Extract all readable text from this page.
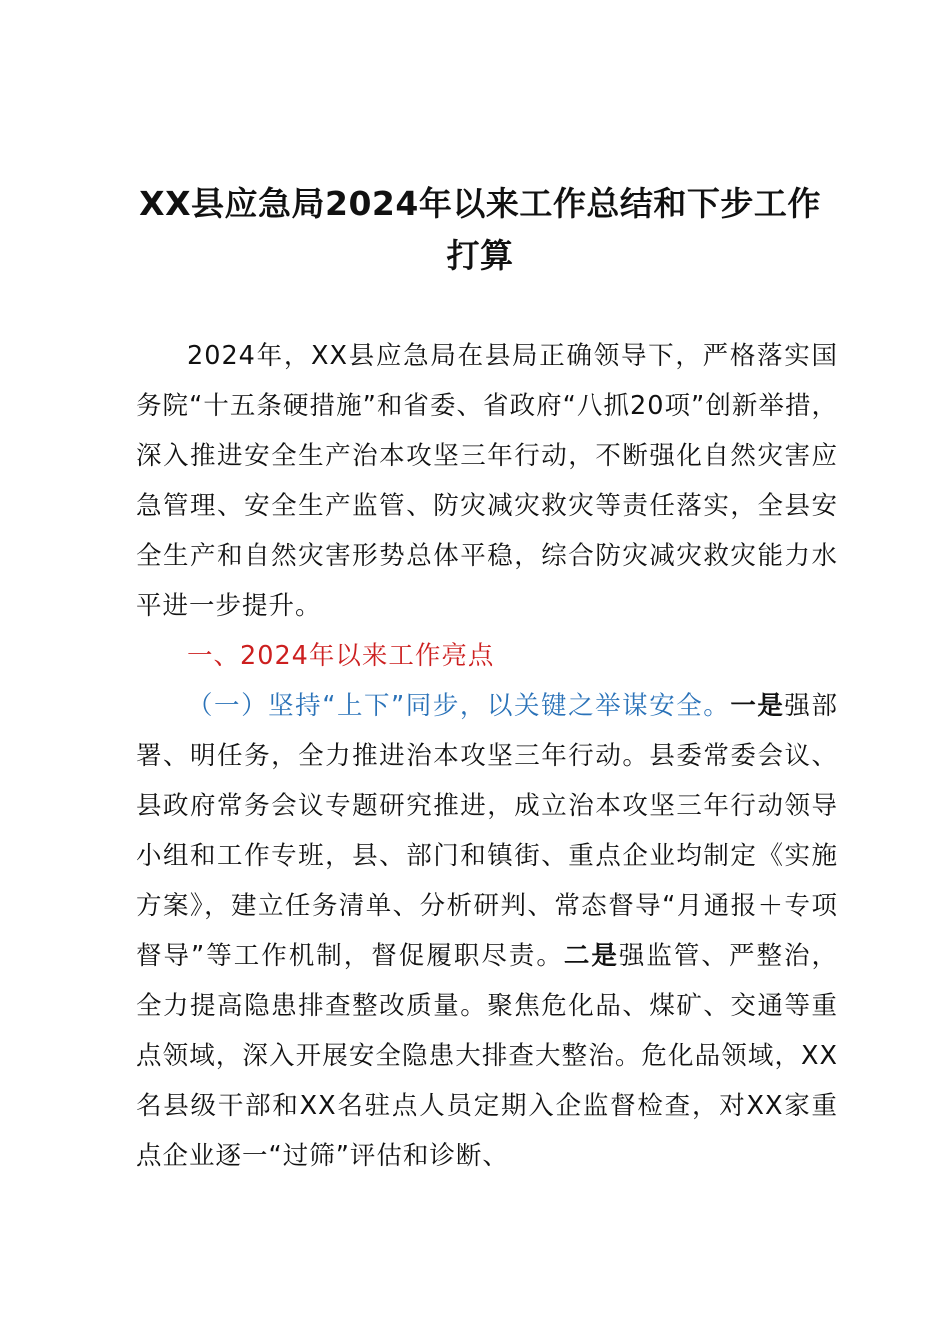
XX县应急局2024年以来工作总结和下步工作打算

2024年，XX县应急局在县局正确领导下，严格落实国务院“十五条硬措施”和省委、省政府“八抓20项”创新举措，深入推进安全生产治本攻坚三年行动，不断强化自然灾害应急管理、安全生产监管、防灾减灾救灾等责任落实，全县安全生产和自然灾害形势总体平稳，综合防灾减灾救灾能力水平进一步提升。

一、2024年以来工作亮点

（一）坚持“上下”同步，以关键之举谋安全。一是强部署、明任务，全力推进治本攻坚三年行动。县委常委会议、县政府常务会议专题研究推进，成立治本攻坚三年行动领导小组和工作专班，县、部门和镇街、重点企业均制定《实施方案》，建立任务清单、分析研判、常态督导“月通报＋专项督导”等工作机制，督促履职尽责。二是强监管、严整治，全力提高隐患排查整改质量。聚焦危化品、煤矿、交通等重点领域，深入开展安全隐患大排查大整治。危化品领域，XX名县级干部和XX名驻点人员定期入企监督检查，对XX家重点企业逐一“过筛”评估和诊断、
